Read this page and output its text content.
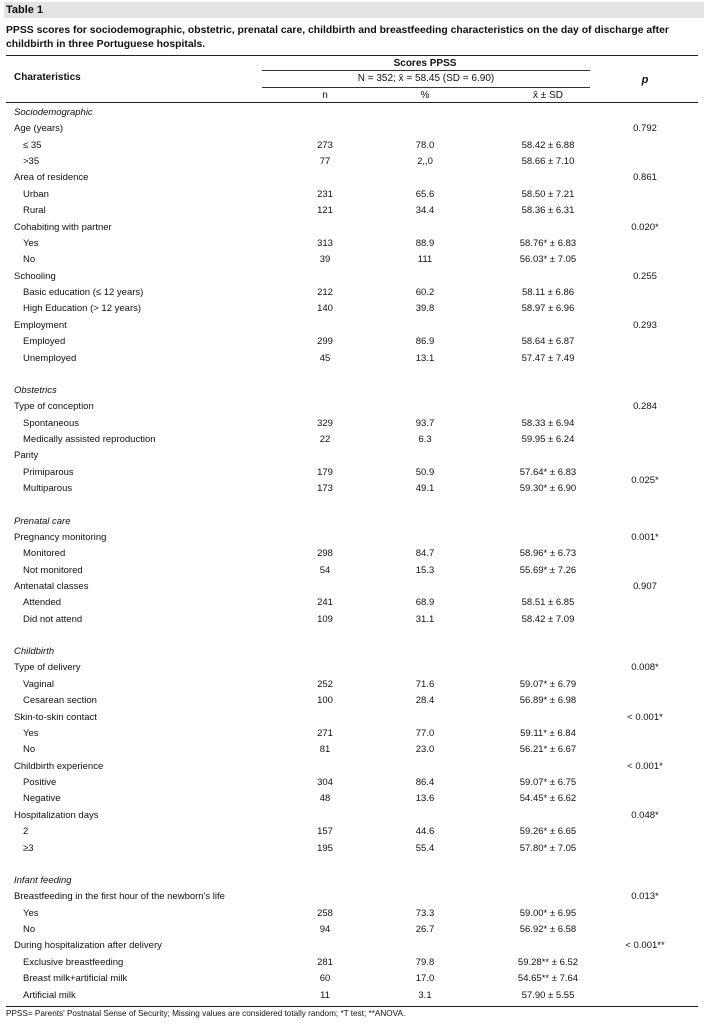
Table 1
PPSS scores for sociodemographic, obstetric, prenatal care, childbirth and breastfeeding characteristics on the day of discharge after childbirth in three Portuguese hospitals.
Scores PPSS
Charateristics	N = 352; x̄ = 58.45 (SD = 6.90)	p
n	%	x̄ ± SD
Sociodemographic
Age (years)	0.792
≤ 35	273	78.0	58.42 ± 6.88
>35	77	2,,0	58.66 ± 7.10
Area of residence	0.861
Urban	231	65.6	58.50 ± 7.21
Rural	121	34.4	58.36 ± 6.31
Cohabiting with partner	0.020*
Yes	313	88.9	58.76* ± 6.83
No	39	111	56.03* ± 7.05
Schooling	0.255
Basic education (≤ 12 years)	212	60.2	58.11 ± 6.86
High Education (> 12 years)	140	39.8	58.97 ± 6.96
Employment	0.293
Employed	299	86.9	58.64 ± 6.87
Unemployed	45	13.1	57.47 ± 7.49
Obstetrics
Type of conception	0.284
Spontaneous	329	93.7	58.33 ± 6.94
Medically assisted reproduction	22	6.3	59.95 ± 6.24
Parity
Primiparous	179	50.9	57.64* ± 6.83
Multiparous	173	49.1	59.30* ± 6.90
0.025*
Prenatal care
Pregnancy monitoring	0.001*
Monitored	298	84.7	58.96* ± 6.73
Not monitored	54	15.3	55.69* ± 7.26
Antenatal classes	0.907
Attended	241	68.9	58.51 ± 6.85
Did not attend	109	31.1	58.42 ± 7.09
Childbirth
Type of delivery	0.008*
Vaginal	252	71.6	59.07* ± 6.79
Cesarean section	100	28.4	56.89* ± 6.98
Skin-to-skin contact	< 0.001*
Yes	271	77.0	59.11* ± 6.84
No	81	23.0	56.21* ± 6.67
Childbirth experience	< 0.001*
Positive	304	86.4	59.07* ± 6.75
Negative	48	13.6	54.45* ± 6.62
Hospitalization days	0.048*
2	157	44.6	59.26* ± 6.65
≥3	195	55.4	57.80* ± 7.05
Infant feeding
Breastfeeding in the first hour of the newborn's life	0.013*
Yes	258	73.3	59.00* ± 6.95
No	94	26.7	56.92* ± 6.58
During hospitalization after delivery	< 0.001**
Exclusive breastfeeding	281	79.8	59.28** ± 6.52
Breast milk+artificial milk	60	17.0	54.65** ± 7.64
Artificial milk	11	3.1	57.90 ± 5.55
PPSS= Parents' Postnatal Sense of Security; Missing values are considered totally random; *T test; **ANOVA.
